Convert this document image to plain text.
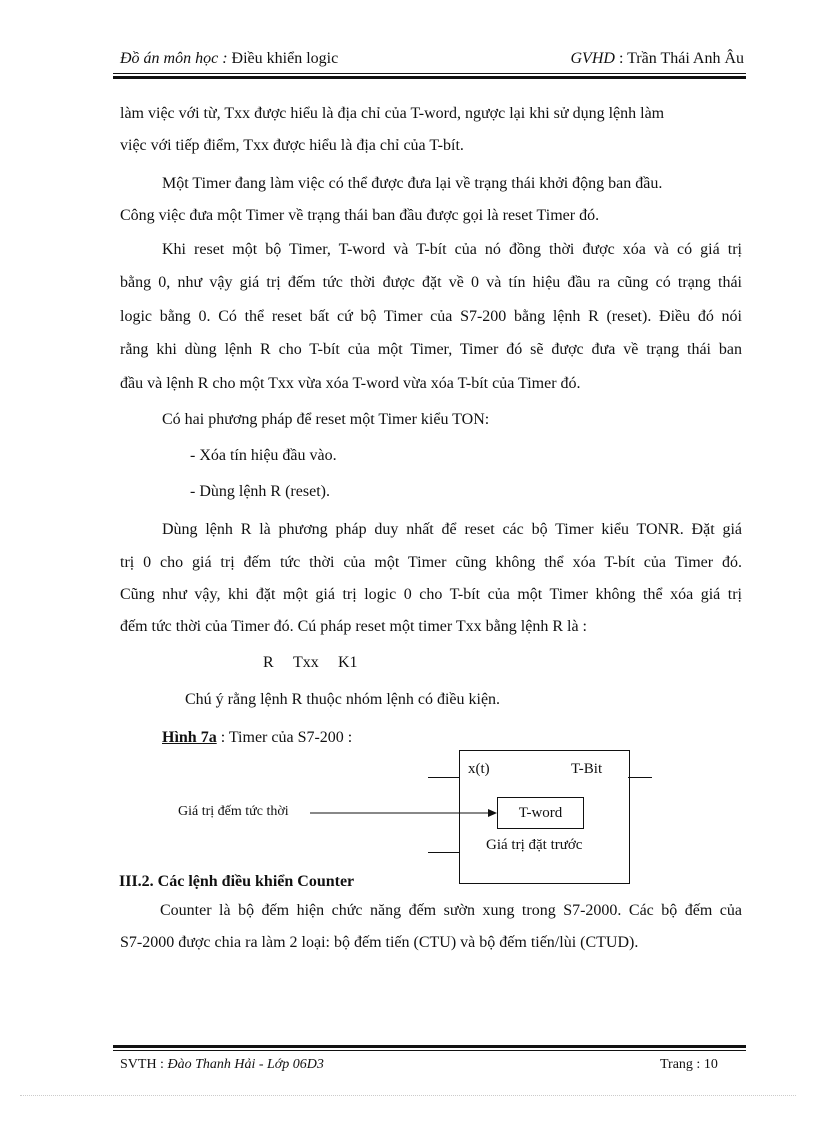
Đồ án môn học : Điều khiển logic	GVHD : Trần Thái Anh Âu
làm việc với từ, Txx được hiểu là địa chỉ của T-word, ngược lại khi sử dụng lệnh làm
việc với tiếp điểm, Txx được hiểu là địa chỉ của T-bít.
Một Timer đang làm việc có thể được đưa lại về trạng thái khởi động ban đầu.
Công việc đưa một Timer về trạng thái ban đầu được gọi là reset Timer đó.
Khi reset một bộ Timer, T-word và T-bít của nó đồng thời được xóa và có giá trị
bằng 0, như vậy giá trị đếm tức thời được đặt về 0 và tín hiệu đầu ra cũng có trạng thái
logic bằng 0. Có thể reset bất cứ bộ Timer của S7-200 bằng lệnh R (reset). Điều đó nói
rằng khi dùng lệnh R cho T-bít của một Timer, Timer đó sẽ được đưa về trạng thái ban
đầu và lệnh R cho một Txx vừa xóa T-word vừa xóa T-bít của Timer đó.
Có hai phương pháp để reset một Timer kiểu TON:
- Xóa tín hiệu đầu vào.
- Dùng lệnh R (reset).
Dùng lệnh R là phương pháp duy nhất để reset các bộ Timer kiểu TONR. Đặt giá
trị 0 cho giá trị đếm tức thời của một Timer cũng không thể xóa T-bít của Timer đó.
Cũng như vậy, khi đặt một giá trị logic 0 cho T-bít của một Timer không thể xóa giá trị
đếm tức thời của Timer đó. Cú pháp reset một timer Txx bằng lệnh R là :
R Txx K1
Chú ý rằng lệnh R thuộc nhóm lệnh có điều kiện.
Hình 7a : Timer của S7-200 :
x(t)	T-Bit
T-word
Giá trị đặt trước
Giá trị đếm tức thời
III.2. Các lệnh điều khiển Counter
Counter là bộ đếm hiện chức năng đếm sườn xung trong S7-2000. Các bộ đếm của
S7-2000 được chia ra làm 2 loại: bộ đếm tiến (CTU) và bộ đếm tiến/lùi (CTUD).
SVTH : Đào Thanh Hải - Lớp 06D3	Trang : 10
